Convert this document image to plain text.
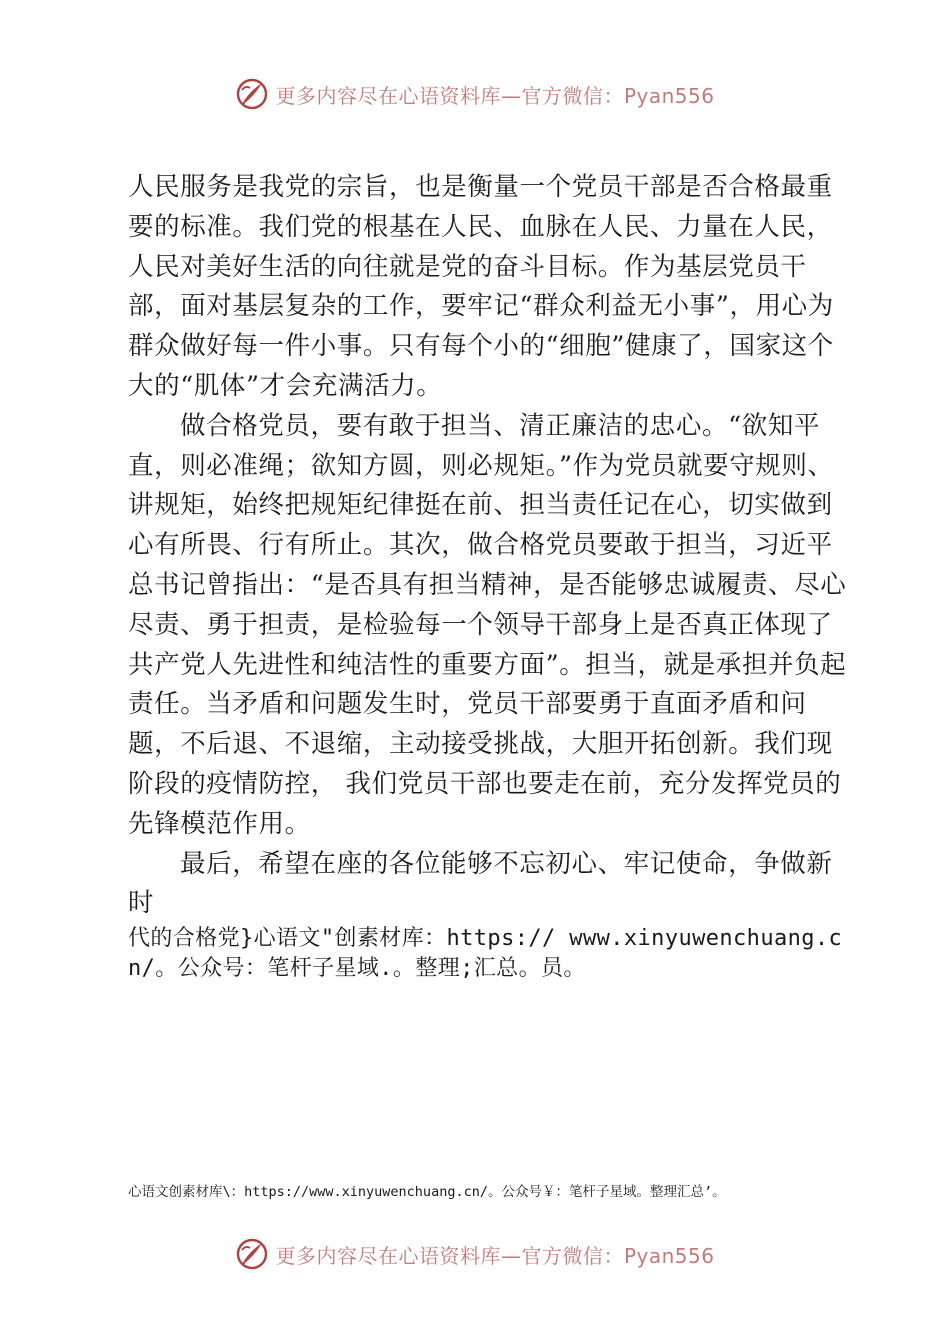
更多内容尽在心语资料库—官方微信：Pyan556

人民服务是我党的宗旨，也是衡量一个党员干部是否合格最重要的标准。我们党的根基在人民、血脉在人民、力量在人民，人民对美好生活的向往就是党的奋斗目标。作为基层党员干部，面对基层复杂的工作，要牢记“群众利益无小事”，用心为群众做好每一件小事。只有每个小的“细胞”健康了，国家这个大的“肌体”才会充满活力。

做合格党员，要有敢于担当、清正廉洁的忠心。“欲知平直，则必准绳；欲知方圆，则必规矩。”作为党员就要守规则、讲规矩，始终把规矩纪律挺在前、担当责任记在心，切实做到心有所畏、行有所止。其次，做合格党员要敢于担当，习近平总书记曾指出：“是否具有担当精神，是否能够忠诚履责、尽心尽责、勇于担责，是检验每一个领导干部身上是否真正体现了共产党人先进性和纯洁性的重要方面”。担当，就是承担并负起责任。当矛盾和问题发生时，党员干部要勇于直面矛盾和问题，不后退、不退缩，主动接受挑战，大胆开拓创新。我们现阶段的疫情防控， 我们党员干部也要走在前，充分发挥党员的先锋模范作用。

最后，希望在座的各位能够不忘初心、牢记使命，争做新时

代的合格党}心语文"创素材库：https:// www.xinyuwenchuang.cn/。公众号：笔杆子星域.。整理;汇总。员。

心语文创素材库\：https://www.xinyuwenchuang.cn/。公众号￥：笔杆子星域。整理汇总’。
更多内容尽在心语资料库—官方微信：Pyan556
